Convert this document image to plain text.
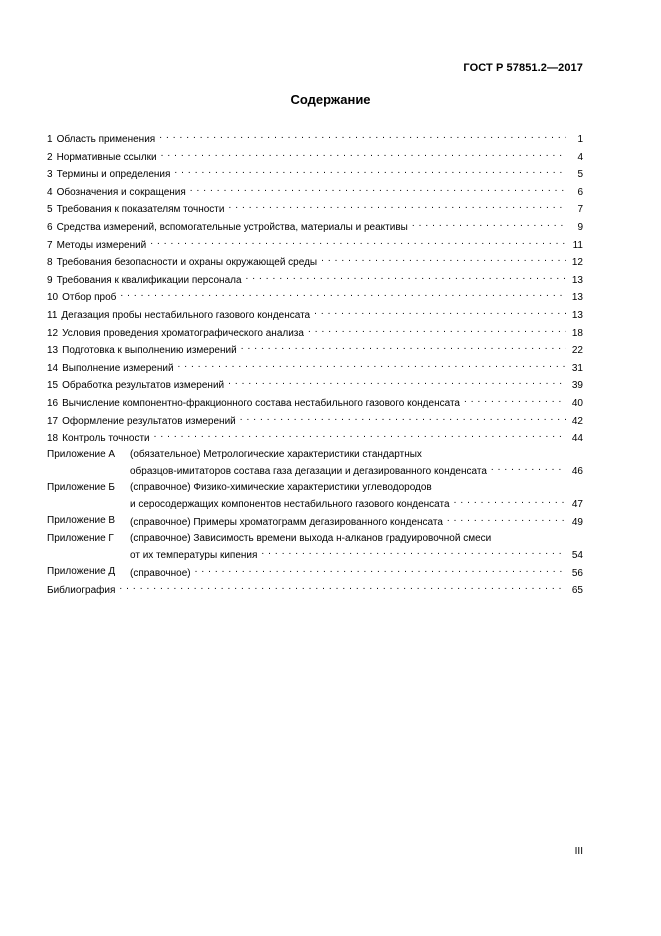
ГОСТ Р 57851.2—2017
Содержание
1 Область применения . . .	1
2 Нормативные ссылки . . .	4
3 Термины и определения . . .	5
4 Обозначения и сокращения . . .	6
5 Требования к показателям точности . . .	7
6 Средства измерений, вспомогательные устройства, материалы и реактивы . . .	9
7 Методы измерений . . .	11
8 Требования безопасности и охраны окружающей среды . . .	12
9 Требования к квалификации персонала . . .	13
10 Отбор проб . . .	13
11 Дегазация пробы нестабильного газового конденсата . . .	13
12 Условия проведения хроматографического анализа . . .	18
13 Подготовка к выполнению измерений . . .	22
14 Выполнение измерений . . .	31
15 Обработка результатов измерений . . .	39
16 Вычисление компонентно-фракционного состава нестабильного газового конденсата . . .	40
17 Оформление результатов измерений . . .	42
18 Контроль точности . . .	44
Приложение А	(обязательное) Метрологические характеристики стандартных
образцов-имитаторов состава газа дегазации и дегазированного конденсата . . .	46
Приложение Б	(справочное) Физико-химические характеристики углеводородов
и серосодержащих компонентов нестабильного газового конденсата . . .	47
Приложение В	(справочное) Примеры хроматограмм дегазированного конденсата . . .	49
Приложение Г	(справочное) Зависимость времени выхода н-алканов градуировочной смеси
от их температуры кипения . . .	54
Приложение Д	(справочное) . . .	56
Библиография . . .	65
III
